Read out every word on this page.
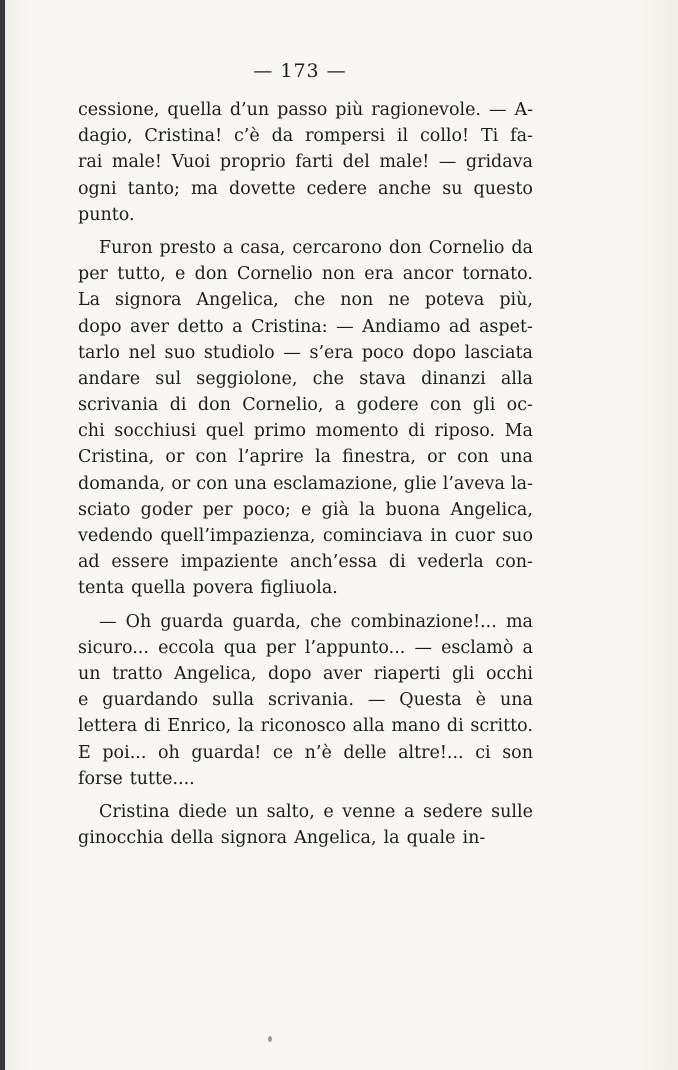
— 173 —
cessione, quella d’un passo più ragionevole. — A-
dagio, Cristina! c’è da rompersi il collo! Ti fa-
rai male! Vuoi proprio farti del male! — gridava
ogni tanto; ma dovette cedere anche su questo
punto.
Furon presto a casa, cercarono don Cornelio da
per tutto, e don Cornelio non era ancor tornato.
La signora Angelica, che non ne poteva più,
dopo aver detto a Cristina: — Andiamo ad aspet-
tarlo nel suo studiolo — s’era poco dopo lasciata
andare sul seggiolone, che stava dinanzi alla
scrivania di don Cornelio, a godere con gli oc-
chi socchiusi quel primo momento di riposo. Ma
Cristina, or con l’aprire la finestra, or con una
domanda, or con una esclamazione, glie l’aveva la-
sciato goder per poco; e già la buona Angelica,
vedendo quell’impazienza, cominciava in cuor suo
ad essere impaziente anch’essa di vederla con-
tenta quella povera figliuola.
— Oh guarda guarda, che combinazione!... ma
sicuro... eccola qua per l’appunto... — esclamò a
un tratto Angelica, dopo aver riaperti gli occhi
e guardando sulla scrivania. — Questa è una
lettera di Enrico, la riconosco alla mano di scritto.
E poi... oh guarda! ce n’è delle altre!... ci son
forse tutte....
Cristina diede un salto, e venne a sedere sulle
ginocchia della signora Angelica, la quale in-
